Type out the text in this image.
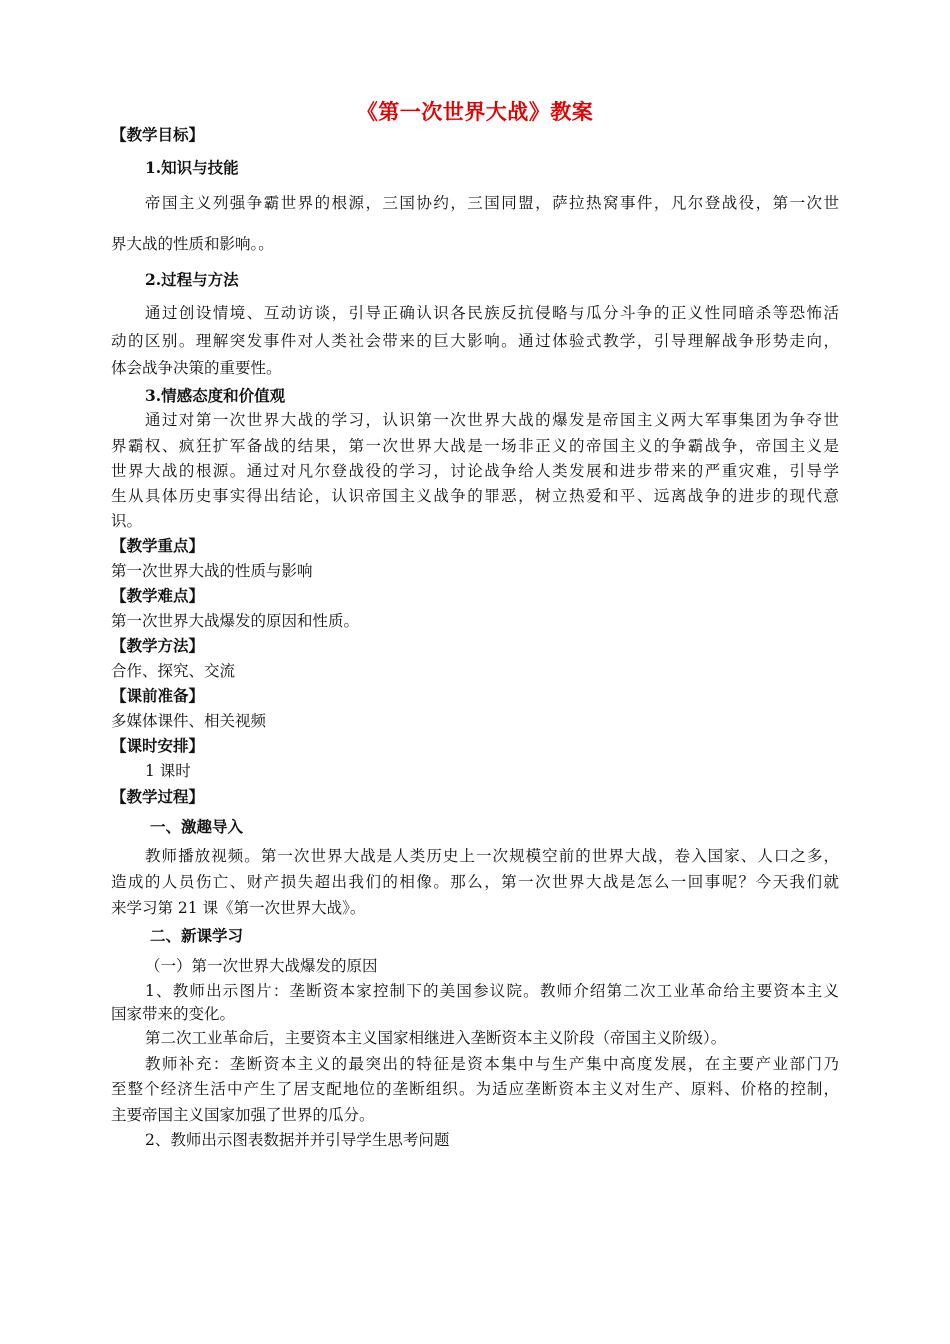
《第一次世界大战》教案
【教学目标】
1.知识与技能
帝国主义列强争霸世界的根源，三国协约，三国同盟，萨拉热窝事件，凡尔登战役，第一次世
界大战的性质和影响。。
2.过程与方法
通过创设情境、互动访谈，引导正确认识各民族反抗侵略与瓜分斗争的正义性同暗杀等恐怖活
动的区别。理解突发事件对人类社会带来的巨大影响。通过体验式教学，引导理解战争形势走向，
体会战争决策的重要性。
3.情感态度和价值观
通过对第一次世界大战的学习，认识第一次世界大战的爆发是帝国主义两大军事集团为争夺世
界霸权、疯狂扩军备战的结果，第一次世界大战是一场非正义的帝国主义的争霸战争，帝国主义是
世界大战的根源。通过对凡尔登战役的学习，讨论战争给人类发展和进步带来的严重灾难，引导学
生从具体历史事实得出结论，认识帝国主义战争的罪恶，树立热爱和平、远离战争的进步的现代意
识。
【教学重点】
第一次世界大战的性质与影响
【教学难点】
第一次世界大战爆发的原因和性质。
【教学方法】
合作、探究、交流
【课前准备】
多媒体课件、相关视频
【课时安排】
1 课时
【教学过程】
一、激趣导入
教师播放视频。第一次世界大战是人类历史上一次规模空前的世界大战，卷入国家、人口之多，
造成的人员伤亡、财产损失超出我们的相像。那么，第一次世界大战是怎么一回事呢？今天我们就
来学习第 21 课《第一次世界大战》。
二、新课学习
（一）第一次世界大战爆发的原因
1、教师出示图片：垄断资本家控制下的美国参议院。教师介绍第二次工业革命给主要资本主义
国家带来的变化。
第二次工业革命后，主要资本主义国家相继进入垄断资本主义阶段（帝国主义阶级）。
教师补充：垄断资本主义的最突出的特征是资本集中与生产集中高度发展，在主要产业部门乃
至整个经济生活中产生了居支配地位的垄断组织。为适应垄断资本主义对生产、原料、价格的控制，
主要帝国主义国家加强了世界的瓜分。
2、教师出示图表数据并并引导学生思考问题
